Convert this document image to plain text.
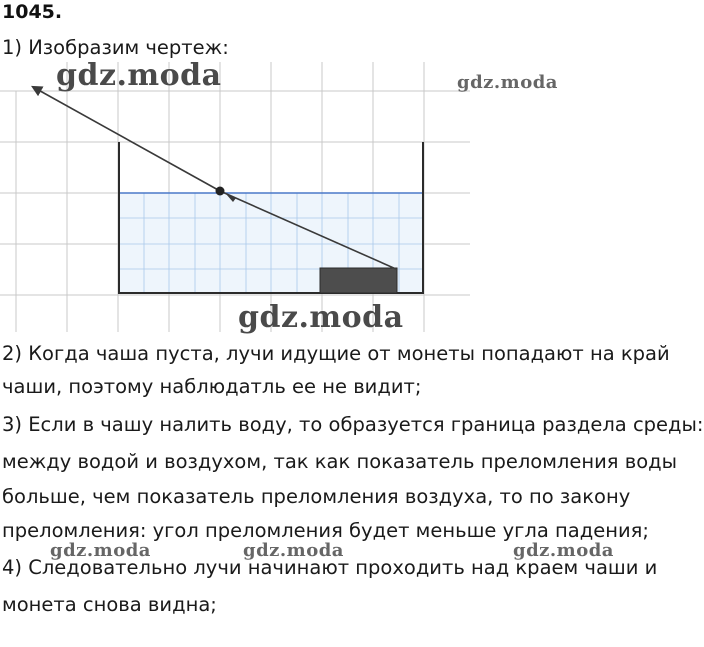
1045.
1) Изобразим чертеж:
gdz.moda	gdz.moda
gdz.moda
2) Когда чаша пуста, лучи идущие от монеты попадают на край
чаши, поэтому наблюдатль ее не видит;
3) Если в чашу налить воду, то образуется граница раздела среды:
между водой и воздухом, так как показатель преломления воды
больше, чем показатель преломления воздуха, то по закону
преломления: угол преломления будет меньше угла падения;
gdz.moda	gdz.moda	gdz.moda
4) Следовательно лучи начинают проходить над краем чаши и
монета снова видна;
